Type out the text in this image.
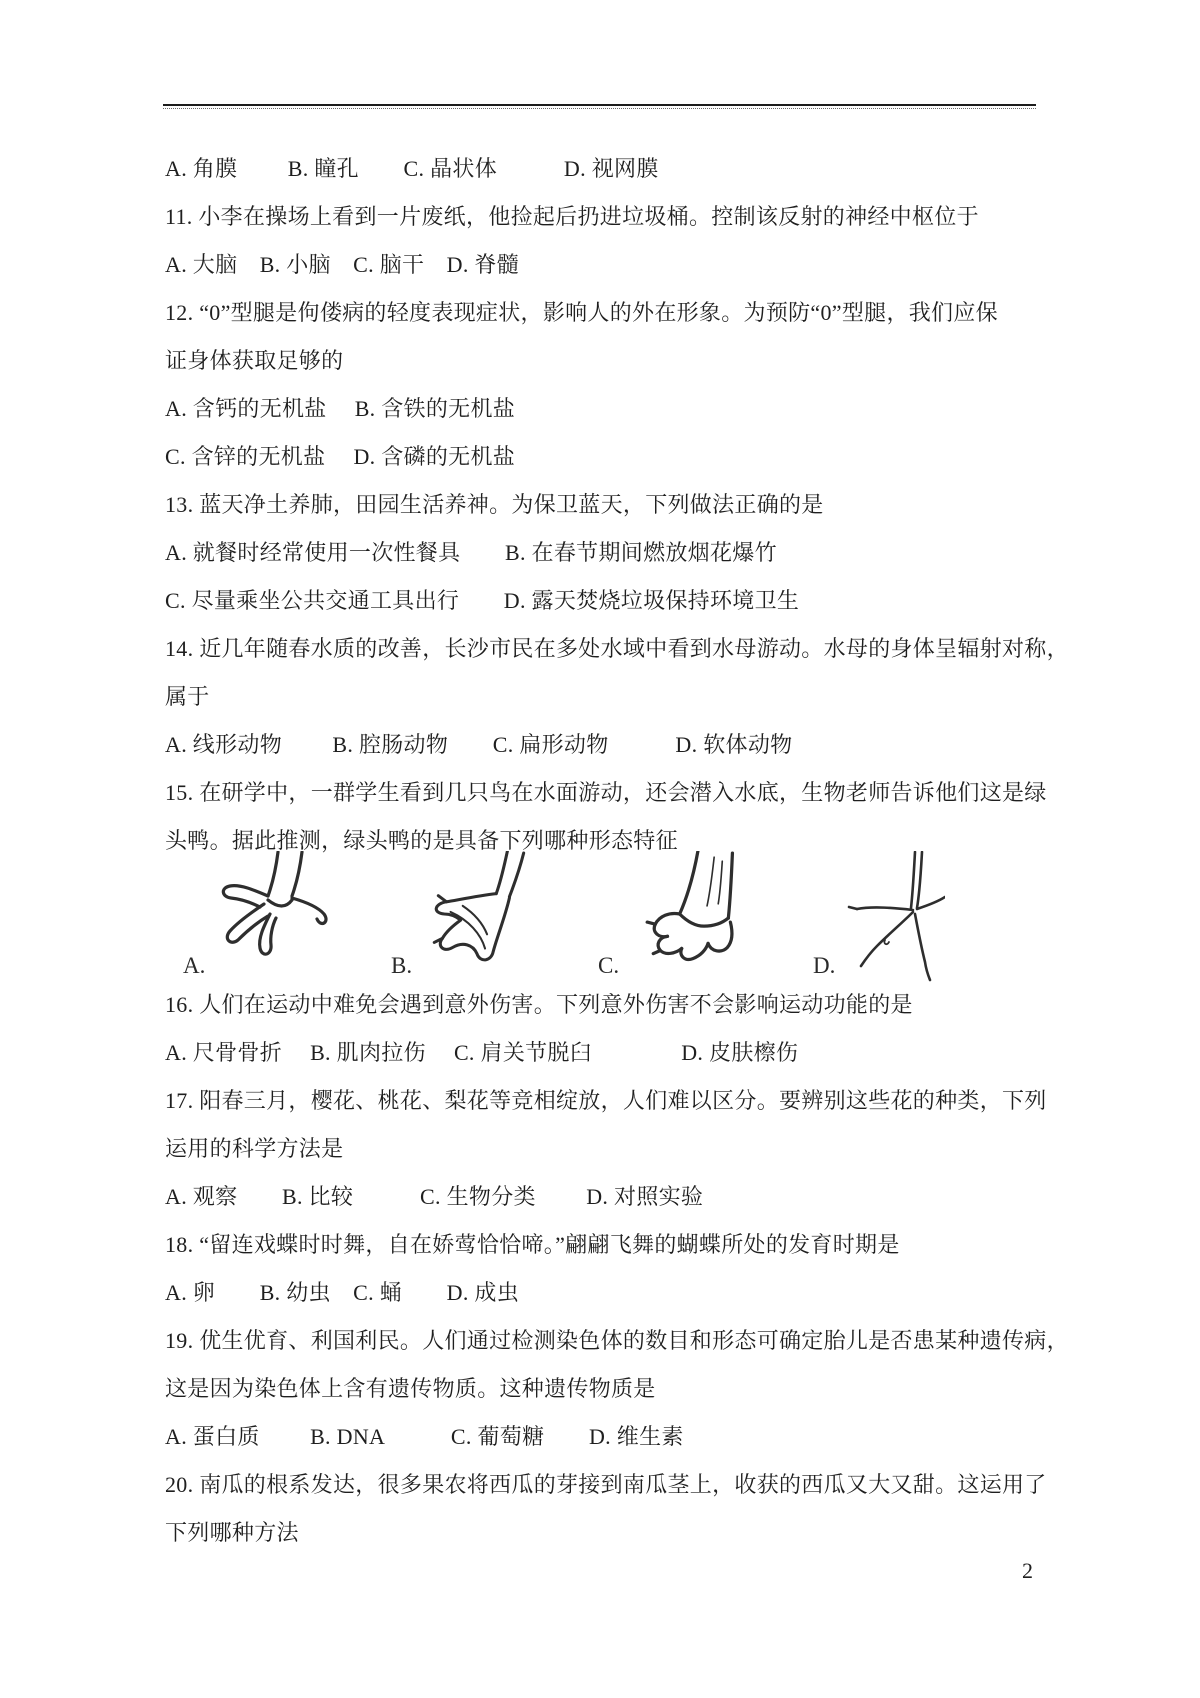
A. 角膜　　 B. 瞳孔　　C. 晶状体　　　D. 视网膜
11. 小李在操场上看到一片废纸，他捡起后扔进垃圾桶。控制该反射的神经中枢位于
A. 大脑　B. 小脑　C. 脑干　D. 脊髓
12. “0”型腿是佝偻病的轻度表现症状，影响人的外在形象。为预防“0”型腿，我们应保
证身体获取足够的
A. 含钙的无机盐　 B. 含铁的无机盐
C. 含锌的无机盐　 D. 含磷的无机盐
13. 蓝天净土养肺，田园生活养神。为保卫蓝天，下列做法正确的是
A. 就餐时经常使用一次性餐具　　B. 在春节期间燃放烟花爆竹
C. 尽量乘坐公共交通工具出行　　D. 露天焚烧垃圾保持环境卫生
14. 近几年随春水质的改善，长沙市民在多处水域中看到水母游动。水母的身体呈辐射对称，
属于
A. 线形动物　　 B. 腔肠动物　　C. 扁形动物　　　D. 软体动物
15. 在研学中，一群学生看到几只鸟在水面游动，还会潜入水底，生物老师告诉他们这是绿
头鸭。据此推测，绿头鸭的是具备下列哪种形态特征
A.	B.	C.	D.
16. 人们在运动中难免会遇到意外伤害。下列意外伤害不会影响运动功能的是
A. 尺骨骨折　 B. 肌肉拉伤　 C. 肩关节脱臼　　　　D. 皮肤檫伤
17. 阳春三月，樱花、桃花、梨花等竞相绽放，人们难以区分。要辨别这些花的种类，下列
运用的科学方法是
A. 观察　　B. 比较　　　C. 生物分类　　 D. 对照实验
18. “留连戏蝶时时舞，自在娇莺恰恰啼。”翩翩飞舞的蝴蝶所处的发育时期是
A. 卵　　B. 幼虫　C. 蛹　　D. 成虫
19. 优生优育、利国利民。人们通过检测染色体的数目和形态可确定胎儿是否患某种遗传病，
这是因为染色体上含有遗传物质。这种遗传物质是
A. 蛋白质　　 B. DNA　　　C. 葡萄糖　　D. 维生素
20. 南瓜的根系发达，很多果农将西瓜的芽接到南瓜茎上，收获的西瓜又大又甜。这运用了
下列哪种方法
2
